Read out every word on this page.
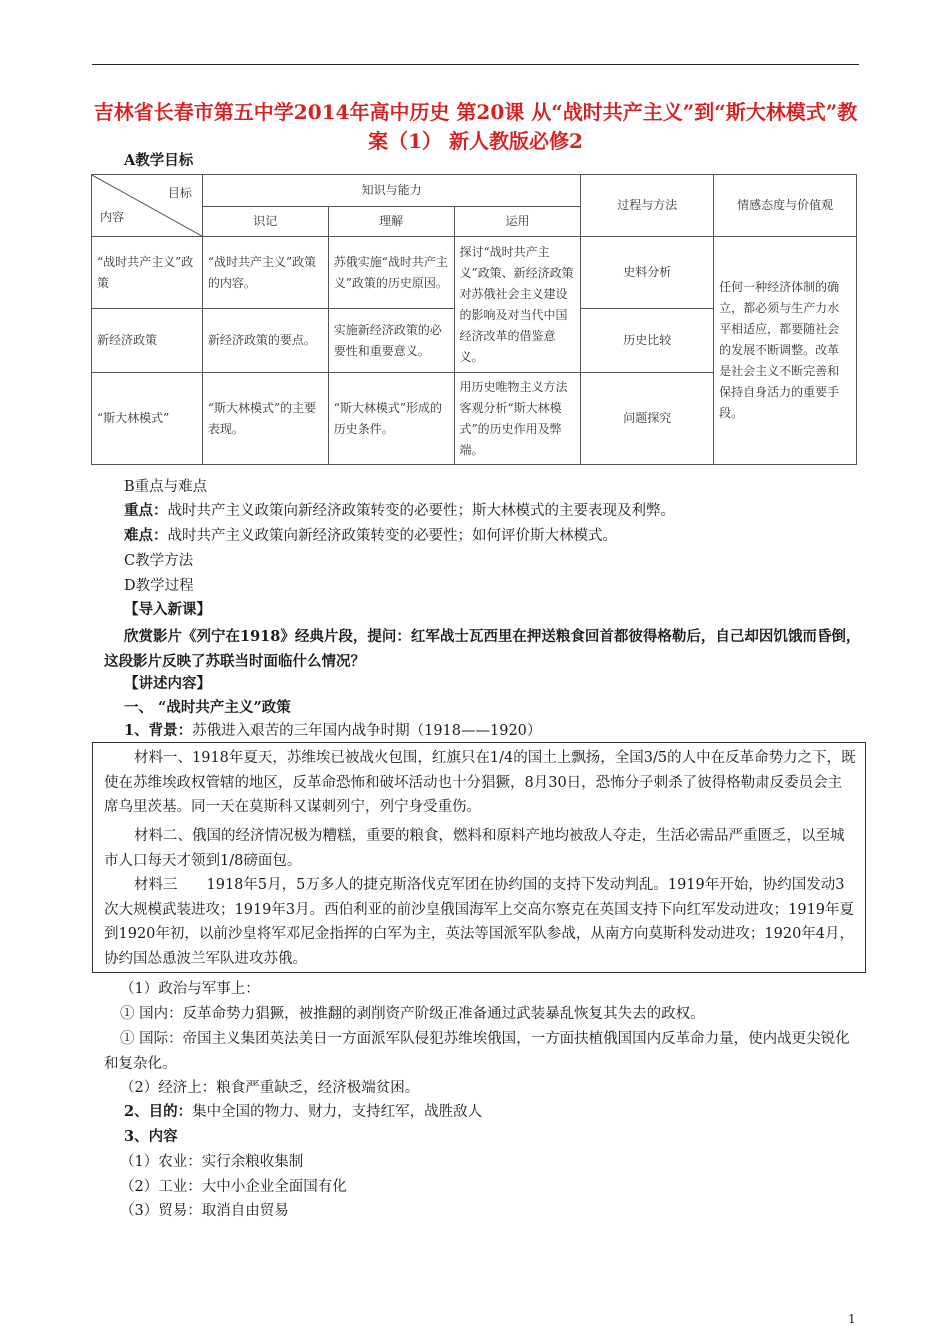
吉林省长春市第五中学2014年高中历史 第20课 从“战时共产主义”到“斯大林模式”教案（1） 新人教版必修2
A教学目标
目标
内容	知识与能力			过程与方法	情感态度与价值观
	识记	理解	运用		
“战时共产主义”政策	“战时共产主义”政策的内容。	苏俄实施“战时共产主义”政策的历史原因。	探讨“战时共产主义”政策、新经济政策对苏俄社会主义建设的影响及对当代中国经济改革的借鉴意义。	史料分析	任何一种经济体制的确立，都必须与生产力水平相适应，都要随社会的发展不断调整。改革是社会主义不断完善和保持自身活力的重要手段。
新经济政策	新经济政策的要点。	实施新经济政策的必要性和重要意义。		历史比较	
“斯大林模式”	“斯大林模式”的主要表现。	“斯大林模式”形成的历史条件。	用历史唯物主义方法客观分析“斯大林模式”的历史作用及弊端。	问题探究	
B重点与难点
重点：战时共产主义政策向新经济政策转变的必要性；斯大林模式的主要表现及利弊。
难点：战时共产主义政策向新经济政策转变的必要性；如何评价斯大林模式。
C教学方法
D教学过程
【导入新课】
欣赏影片《列宁在1918》经典片段，提问：红军战士瓦西里在押送粮食回首都彼得格勒后，自己却因饥饿而昏倒，这段影片反映了苏联当时面临什么情况？
【讲述内容】
一、 “战时共产主义”政策
1、背景：苏俄进入艰苦的三年国内战争时期（1918——1920）
材料一、1918年夏天，苏维埃已被战火包围，红旗只在1/4的国土上飘扬，全国3/5的人中在反革命势力之下，既使在苏维埃政权管辖的地区，反革命恐怖和破坏活动也十分猖獗，8月30日，恐怖分子刺杀了彼得格勒肃反委员会主席乌里茨基。同一天在莫斯科又谋刺列宁，列宁身受重伤。
材料二、俄国的经济情况极为糟糕，重要的粮食，燃料和原料产地均被敌人夺走，生活必需品严重匮乏，以至城市人口每天才领到1/8磅面包。
材料三　　1918年5月，5万多人的捷克斯洛伐克军团在协约国的支持下发动判乱。1919年开始，协约国发动3次大规模武装进攻；1919年3月。西伯利亚的前沙皇俄国海军上交高尔察克在英国支持下向红军发动进攻；1919年夏到1920年初，以前沙皇将军邓尼金指挥的白军为主，英法等国派军队参战，从南方向莫斯科发动进攻；1920年4月，协约国怂恿波兰军队进攻苏俄。
（1）政治与军事上：
① 国内：反革命势力猖獗，被推翻的剥削资产阶级正准备通过武装暴乱恢复其失去的政权。
① 国际：帝国主义集团英法美日一方面派军队侵犯苏维埃俄国，一方面扶植俄国国内反革命力量，使内战更尖锐化和复杂化。
（2）经济上：粮食严重缺乏，经济极端贫困。
2、目的：集中全国的物力、财力，支持红军，战胜敌人
3、内容
（1）农业：实行余粮收集制
（2）工业：大中小企业全面国有化
（3）贸易：取消自由贸易
1
